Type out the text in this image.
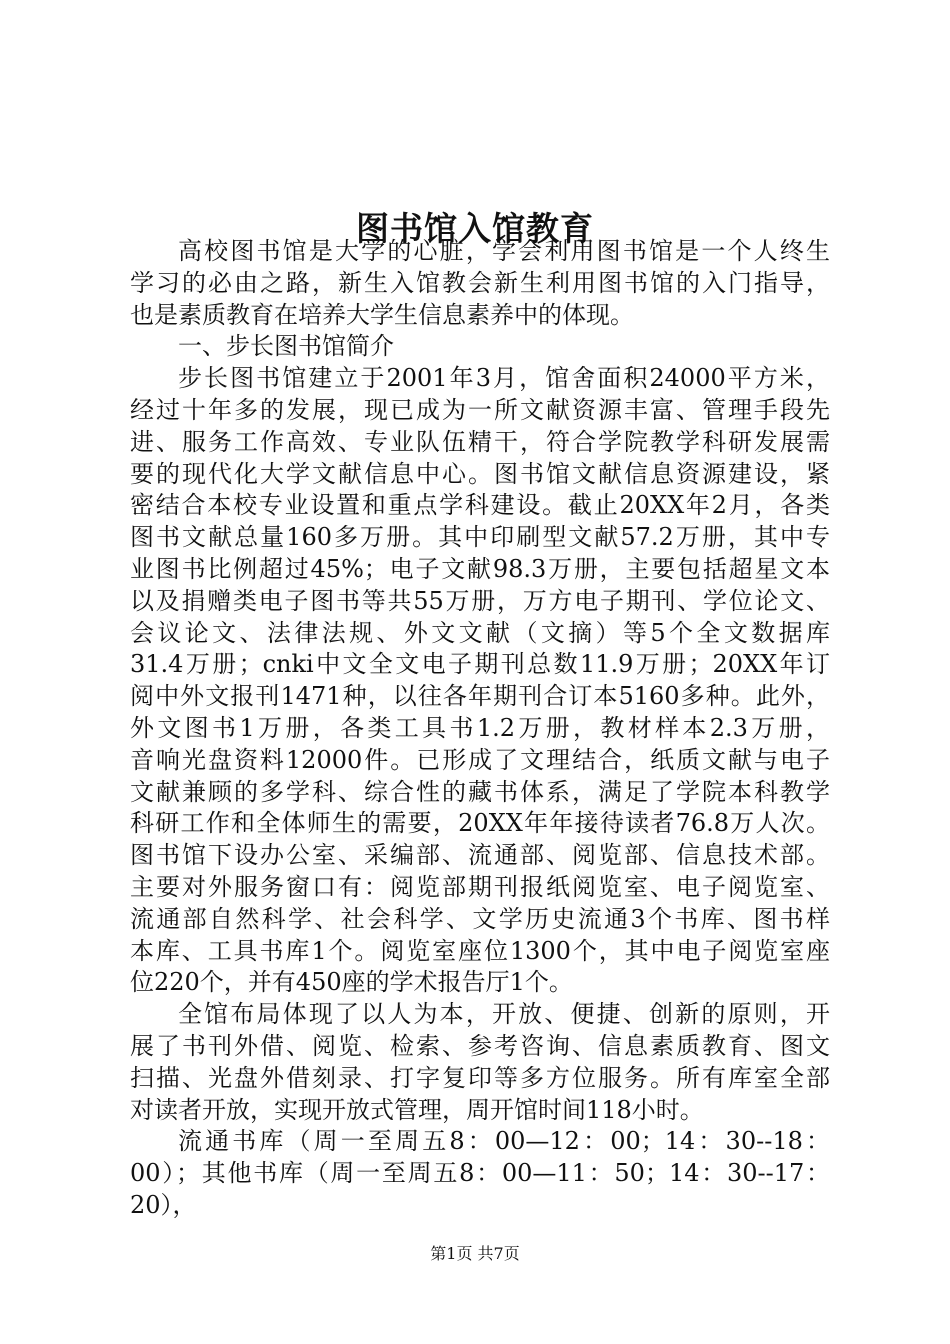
图书馆入馆教育

高校图书馆是大学的心脏，学会利用图书馆是一个人终生
学习的必由之路，新生入馆教会新生利用图书馆的入门指导，
也是素质教育在培养大学生信息素养中的体现。

一、步长图书馆简介

步长图书馆建立于2001年3月，馆舍面积24000平方米，
经过十年多的发展，现已成为一所文献资源丰富、管理手段先
进、服务工作高效、专业队伍精干，符合学院教学科研发展需
要的现代化大学文献信息中心。图书馆文献信息资源建设，紧
密结合本校专业设置和重点学科建设。截止20XX年2月，各类
图书文献总量160多万册。其中印刷型文献57.2万册，其中专
业图书比例超过45%；电子文献98.3万册，主要包括超星文本
以及捐赠类电子图书等共55万册，万方电子期刊、学位论文、
会议论文、法律法规、外文文献（文摘）等5个全文数据库
31.4万册；cnki中文全文电子期刊总数11.9万册；20XX年订
阅中外文报刊1471种，以往各年期刊合订本5160多种。此外，
外文图书1万册，各类工具书1.2万册，教材样本2.3万册，
音响光盘资料12000件。已形成了文理结合，纸质文献与电子
文献兼顾的多学科、综合性的藏书体系，满足了学院本科教学
科研工作和全体师生的需要，20XX年年接待读者76.8万人次。
图书馆下设办公室、采编部、流通部、阅览部、信息技术部。
主要对外服务窗口有：阅览部期刊报纸阅览室、电子阅览室、
流通部自然科学、社会科学、文学历史流通3个书库、图书样
本库、工具书库1个。阅览室座位1300个，其中电子阅览室座
位220个，并有450座的学术报告厅1个。

全馆布局体现了以人为本，开放、便捷、创新的原则，开
展了书刊外借、阅览、检索、参考咨询、信息素质教育、图文
扫描、光盘外借刻录、打字复印等多方位服务。所有库室全部
对读者开放，实现开放式管理，周开馆时间118小时。

流通书库（周一至周五8：00—12：00；14：30--18：
00）；其他书库（周一至周五8：00—11：50；14：30--17：
20），

第1页 共7页
